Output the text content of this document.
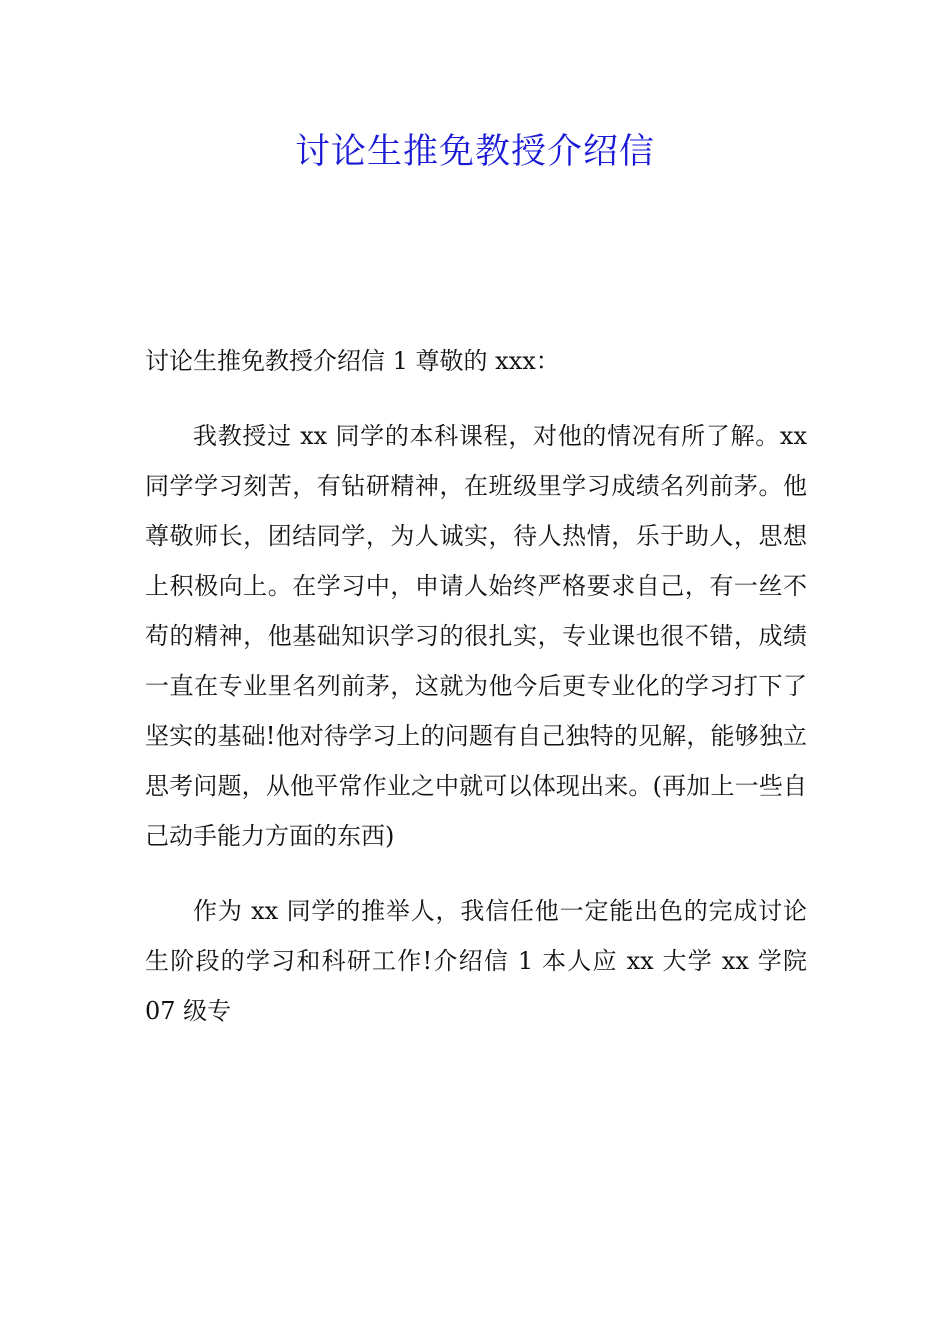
讨论生推免教授介绍信

讨论生推免教授介绍信 1 尊敬的 xxx：

我教授过 xx 同学的本科课程，对他的情况有所了解。xx 同学学习刻苦，有钻研精神，在班级里学习成绩名列前茅。他尊敬师长，团结同学，为人诚实，待人热情，乐于助人，思想上积极向上。在学习中，申请人始终严格要求自己，有一丝不苟的精神，他基础知识学习的很扎实，专业课也很不错，成绩一直在专业里名列前茅，这就为他今后更专业化的学习打下了坚实的基础!他对待学习上的问题有自己独特的见解，能够独立思考问题，从他平常作业之中就可以体现出来。(再加上一些自己动手能力方面的东西)

作为 xx 同学的推举人，我信任他一定能出色的完成讨论生阶段的学习和科研工作!介绍信 1 本人应 xx 大学 xx 学院 07 级专
